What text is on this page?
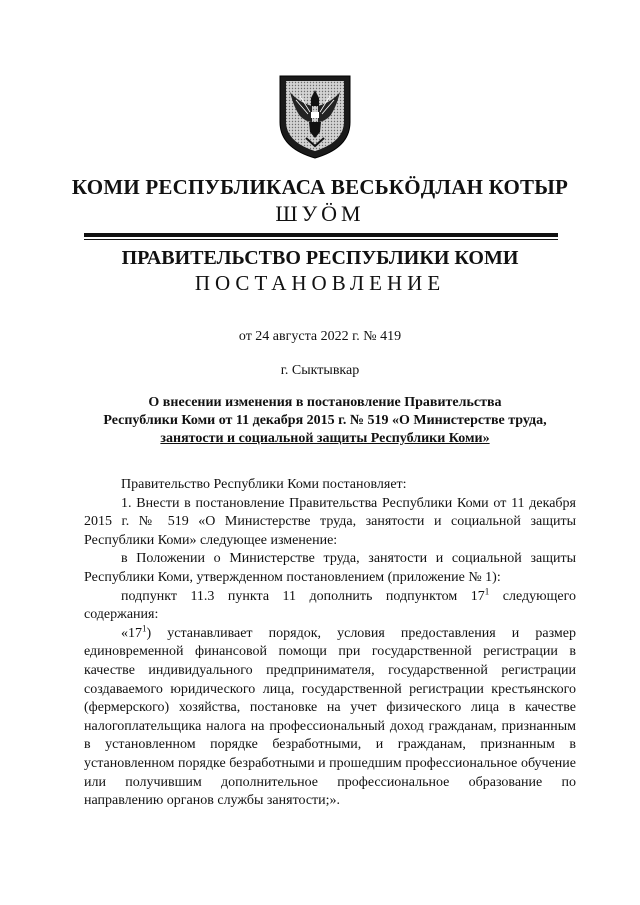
КОМИ РЕСПУБЛИКАСА ВЕСЬКӦДЛАН КОТЫР
ШУӦМ
ПРАВИТЕЛЬСТВО РЕСПУБЛИКИ КОМИ
ПОСТАНОВЛЕНИЕ
от 24 августа 2022 г. № 419
г. Сыктывкар
О внесении изменения в постановление Правительства
Республики Коми от 11 декабря 2015 г. № 519 «О Министерстве труда,
занятости и социальной защиты Республики Коми»

Правительство Республики Коми постановляет:

1. Внести в постановление Правительства Республики Коми от 11 декабря 2015 г. № 519 «О Министерстве труда, занятости и социальной защиты Республики Коми» следующее изменение:

в Положении о Министерстве труда, занятости и социальной защиты Республики Коми, утвержденном постановлением (приложение № 1):

подпункт 11.3 пункта 11 дополнить подпунктом $17^1$ следующего содержания:

«$17^1$) устанавливает порядок, условия предоставления и размер единовременной финансовой помощи при государственной регистрации в качестве индивидуального предпринимателя, государственной регистрации создаваемого юридического лица, государственной регистрации крестьянского (фермерского) хозяйства, постановке на учет физического лица в качестве налогоплательщика налога на профессиональный доход гражданам, признанным в установленном порядке безработными, и гражданам, признанным в установленном порядке безработными и прошедшим профессиональное обучение или получившим дополнительное профессиональное образование по направлению органов службы занятости;».
